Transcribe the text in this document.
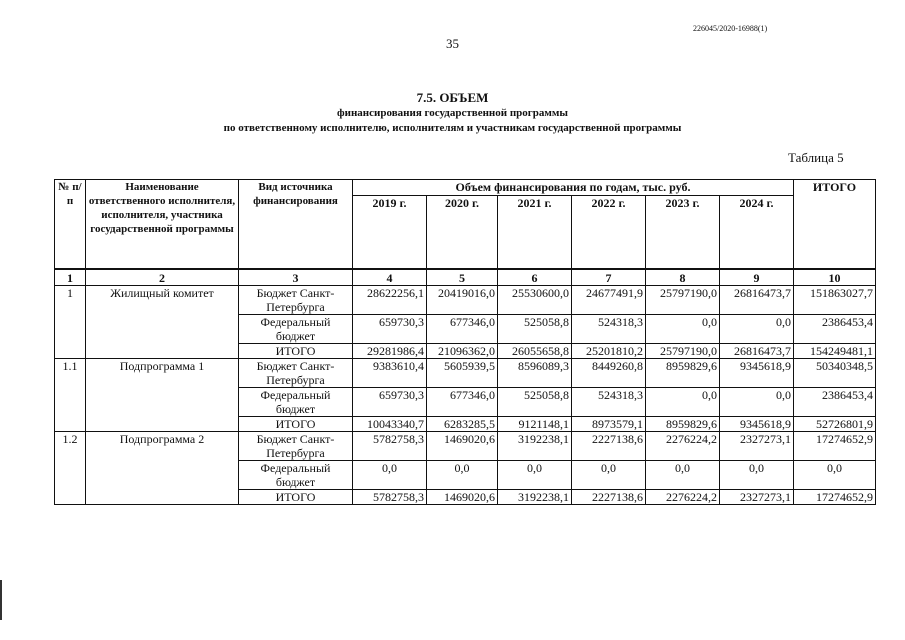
226045/2020-16988(1)
35
7.5. ОБЪЕМ
финансирования государственной программы
по ответственному исполнителю, исполнителям и участникам государственной программы
Таблица 5
№ п/п	Наименование ответственного исполнителя, исполнителя, участника государственной программы	Вид источника финансирования	Объем финансирования по годам, тыс. руб.						ИТОГО
			2019 г.	2020 г.	2021 г.	2022 г.	2023 г.	2024 г.	
1	2	3	4	5	6	7	8	9	10
1	Жилищный комитет	Бюджет Санкт-Петербурга	28622256,1	20419016,0	25530600,0	24677491,9	25797190,0	26816473,7	151863027,7
		Федеральный бюджет	659730,3	677346,0	525058,8	524318,3	0,0	0,0	2386453,4
		ИТОГО	29281986,4	21096362,0	26055658,8	25201810,2	25797190,0	26816473,7	154249481,1
1.1	Подпрограмма 1	Бюджет Санкт-Петербурга	9383610,4	5605939,5	8596089,3	8449260,8	8959829,6	9345618,9	50340348,5
		Федеральный бюджет	659730,3	677346,0	525058,8	524318,3	0,0	0,0	2386453,4
		ИТОГО	10043340,7	6283285,5	9121148,1	8973579,1	8959829,6	9345618,9	52726801,9
1.2	Подпрограмма 2	Бюджет Санкт-Петербурга	5782758,3	1469020,6	3192238,1	2227138,6	2276224,2	2327273,1	17274652,9
		Федеральный бюджет	0,0	0,0	0,0	0,0	0,0	0,0	0,0
		ИТОГО	5782758,3	1469020,6	3192238,1	2227138,6	2276224,2	2327273,1	17274652,9
